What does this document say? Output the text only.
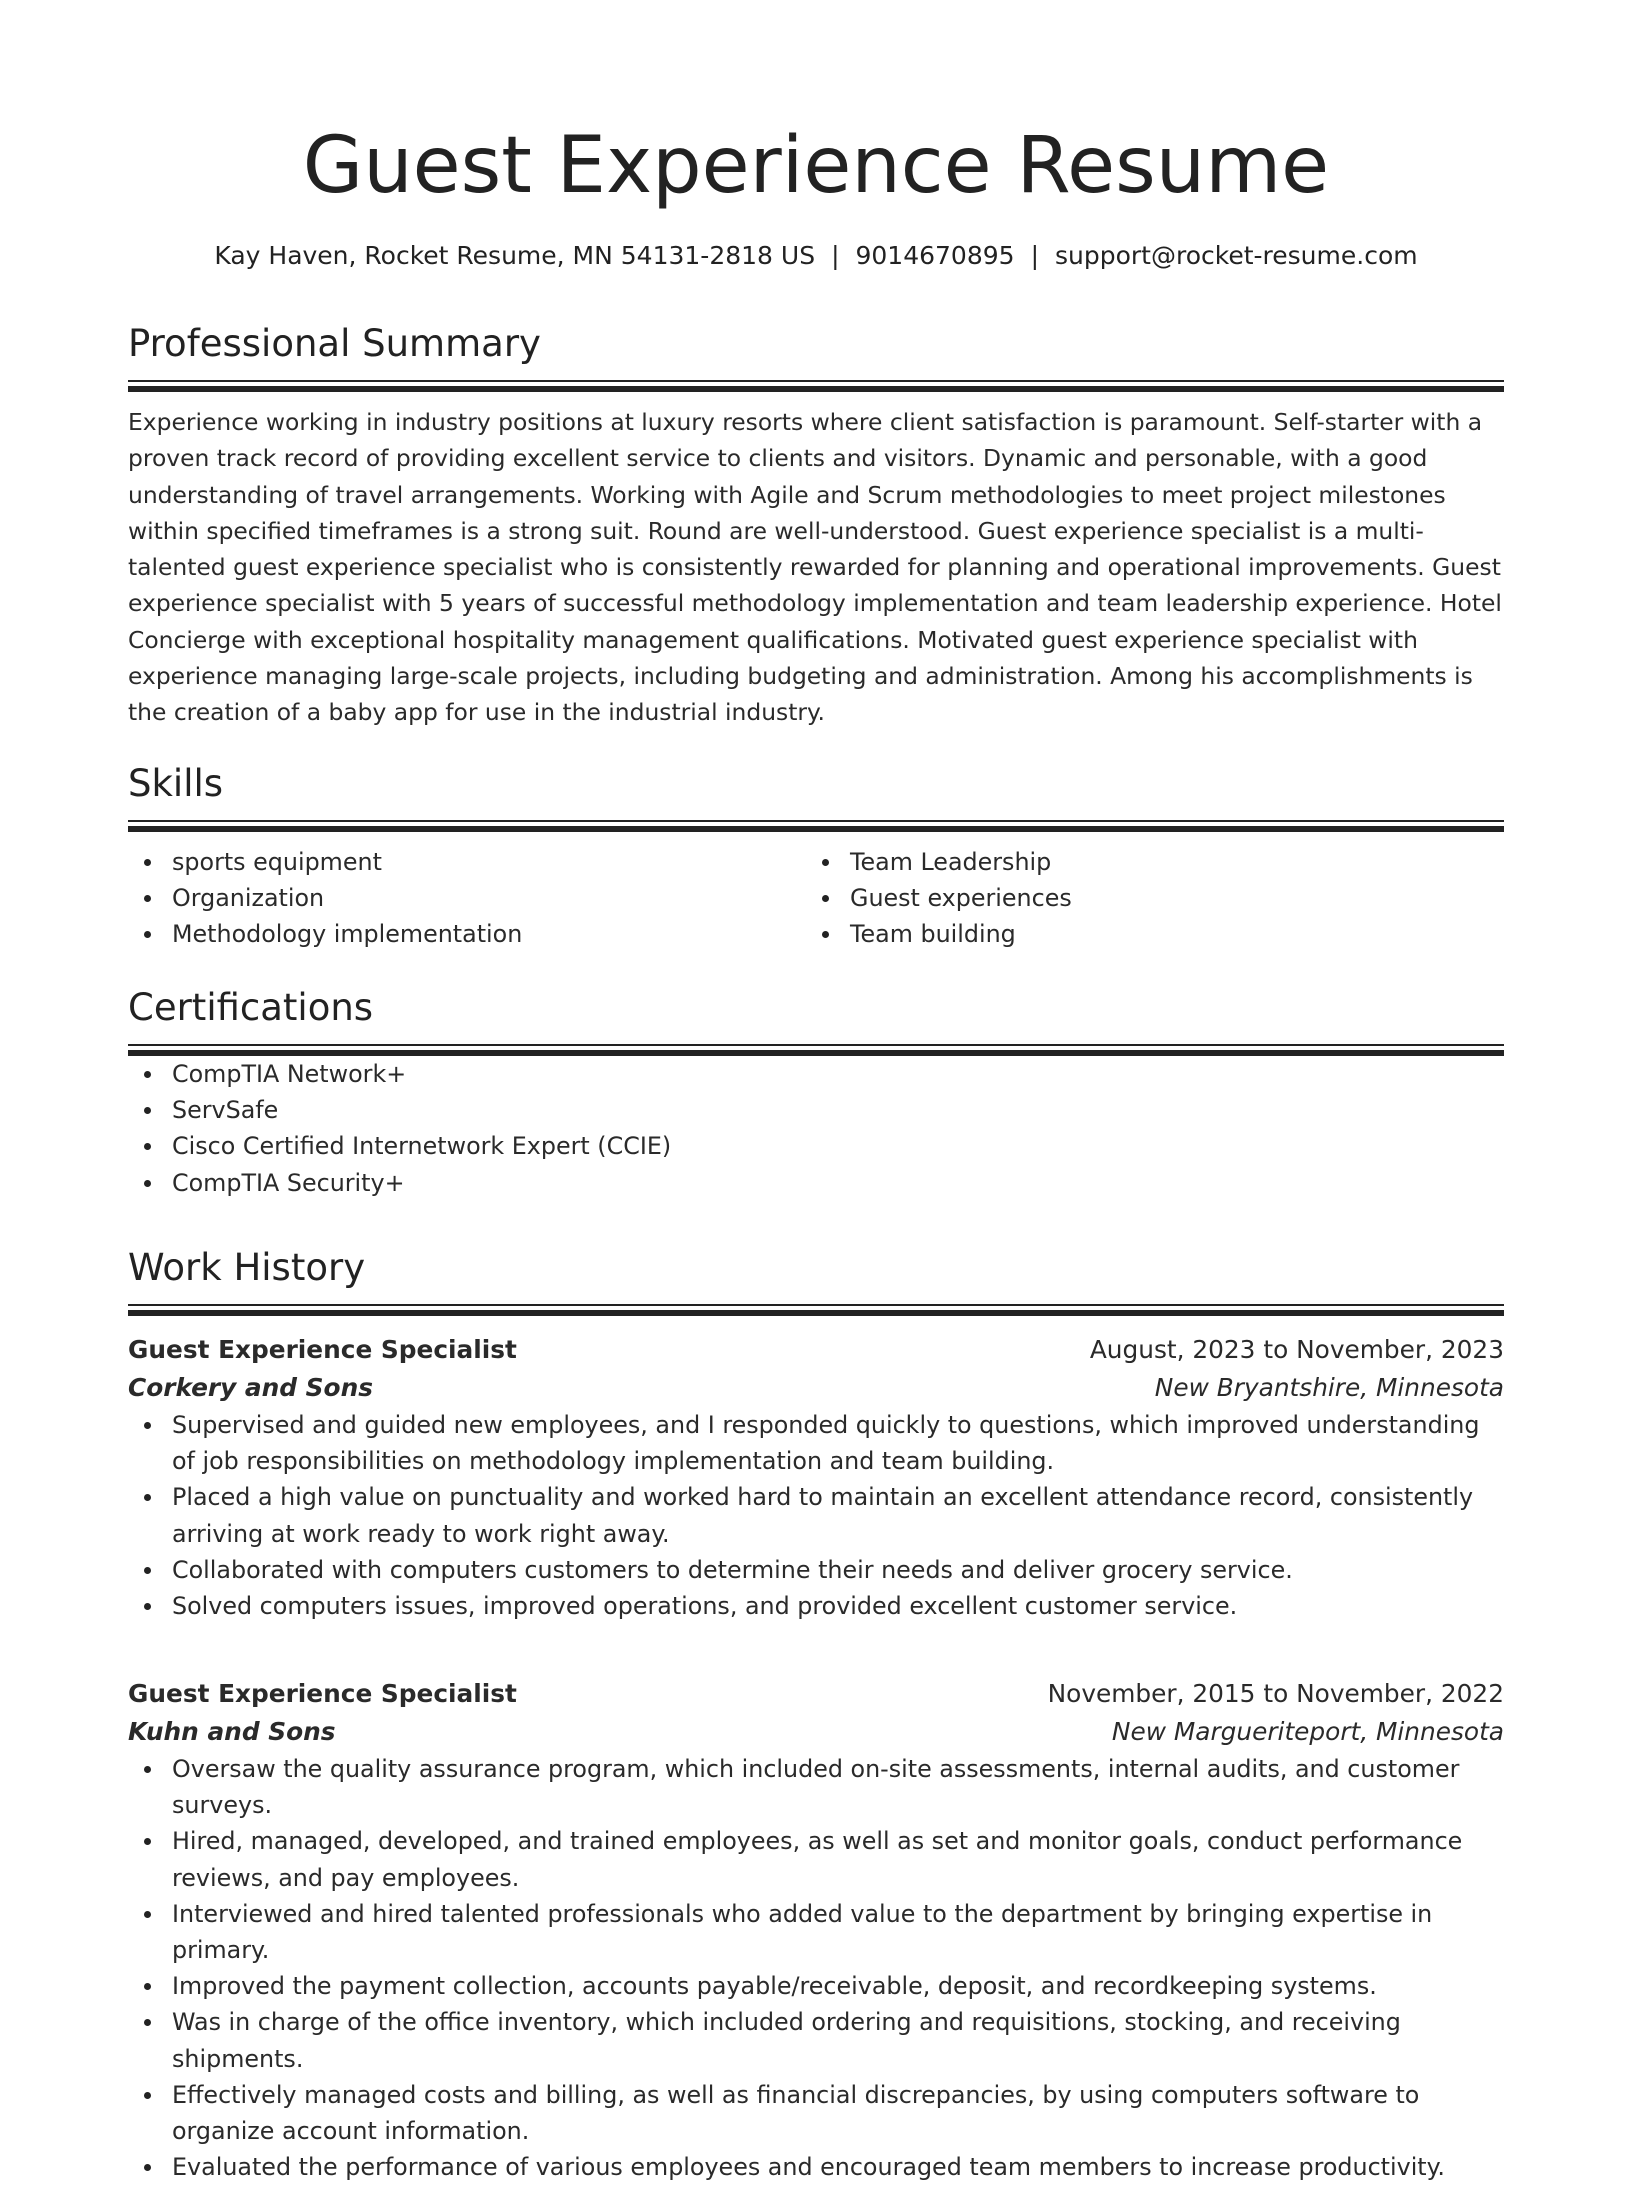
Guest Experience Resume
Kay Haven, Rocket Resume, MN 54131-2818 US | 9014670895 | support@rocket-resume.com
Professional Summary

Experience working in industry positions at luxury resorts where client satisfaction is paramount. Self-starter with a proven track record of providing excellent service to clients and visitors. Dynamic and personable, with a good understanding of travel arrangements. Working with Agile and Scrum methodologies to meet project milestones within specified timeframes is a strong suit. Round are well-understood. Guest experience specialist is a multi-talented guest experience specialist who is consistently rewarded for planning and operational improvements. Guest experience specialist with 5 years of successful methodology implementation and team leadership experience. Hotel Concierge with exceptional hospitality management qualifications. Motivated guest experience specialist with experience managing large-scale projects, including budgeting and administration. Among his accomplishments is the creation of a baby app for use in the industrial industry.

Skills
sports equipment
Organization
Methodology implementation
Team Leadership
Guest experiences
Team building
Certifications
CompTIA Network+
ServSafe
Cisco Certified Internetwork Expert (CCIE)
CompTIA Security+
Work History
Guest Experience Specialist	August, 2023 to November, 2023
Corkery and Sons	New Bryantshire, Minnesota
Supervised and guided new employees, and I responded quickly to questions, which improved understanding of job responsibilities on methodology implementation and team building.
Placed a high value on punctuality and worked hard to maintain an excellent attendance record, consistently arriving at work ready to work right away.
Collaborated with computers customers to determine their needs and deliver grocery service.
Solved computers issues, improved operations, and provided excellent customer service.
Guest Experience Specialist	November, 2015 to November, 2022
Kuhn and Sons	New Margueriteport, Minnesota
Oversaw the quality assurance program, which included on-site assessments, internal audits, and customer surveys.
Hired, managed, developed, and trained employees, as well as set and monitor goals, conduct performance reviews, and pay employees.
Interviewed and hired talented professionals who added value to the department by bringing expertise in primary.
Improved the payment collection, accounts payable/receivable, deposit, and recordkeeping systems.
Was in charge of the office inventory, which included ordering and requisitions, stocking, and receiving shipments.
Effectively managed costs and billing, as well as financial discrepancies, by using computers software to organize account information.
Evaluated the performance of various employees and encouraged team members to increase productivity.
